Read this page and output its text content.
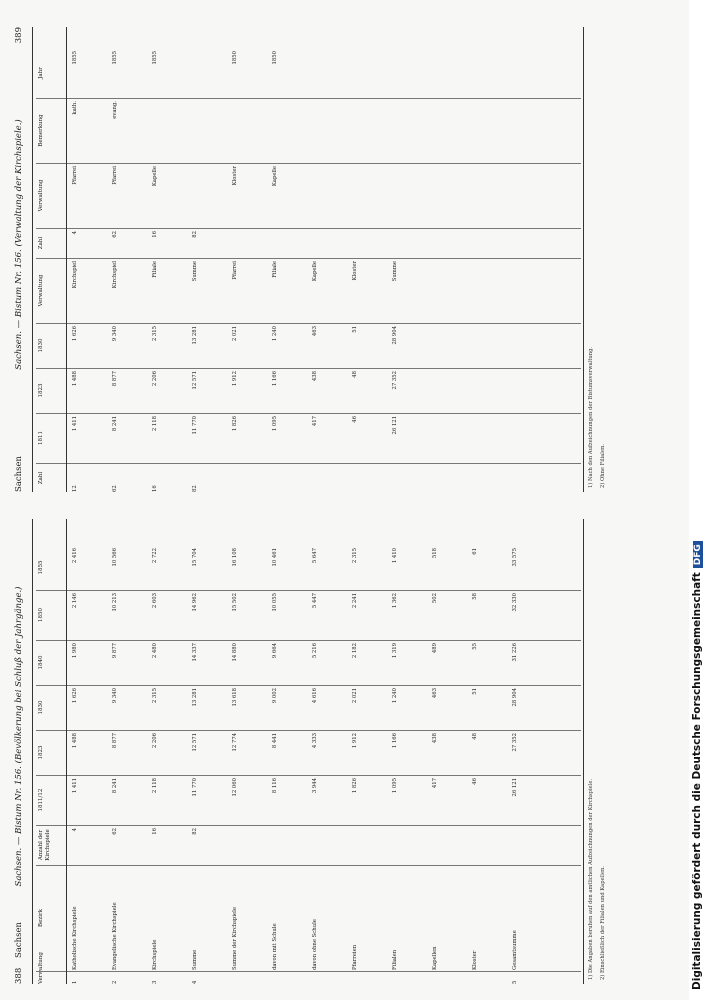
388
Sachsen
Sachsen. — Bistum Nr. 156. (Bevölkerung bei Schluß der Jahrgänge.)
Verwaltung
Bezirk
Anzahl der Kirchspiele
1811/12
1823
1830
1840
1850
1855
1
Katholische Kirchspiele
4
1 411
1 488
1 626
1 980
2 146
2 416
2
Evangelische Kirchspiele
62
8 241
8 877
9 340
9 877
10 213
10 566
3
Kirchspiele
16
2 118
2 206
2 315
2 480
2 603
2 722
4
Summe
82
11 770
12 571
13 281
14 337
14 962
15 704
Summe der Kirchspiele
12 060
12 774
13 618
14 880
15 502
16 108
davon mit Schule
8 116
8 441
9 002
9 664
10 055
10 461
davon ohne Schule
3 944
4 333
4 616
5 216
5 447
5 647
Pfarreien
1 826
1 912
2 021
2 182
2 241
2 315
Filialen
1 095
1 166
1 240
1 319
1 362
1 410
Kapellen
417
438
463
489
502
518
Kloster
46
48
51
55
58
61
5
Gesamtsumme
26 121
27 352
28 904
31 226
32 330
33 575
1) Die Angaben beruhen auf den amtlichen Aufzeichnungen der Kirchspiele. 2) Einschließlich der Filialen und Kapellen.
Sachsen
Sachsen. — Bistum Nr. 156. (Verwaltung der Kirchspiele.)
389
Zahl
1811
1823
1830
Verwaltung
Zahl
Verwaltung
Bemerkung
Jahr
12
1 411
1 488
1 626
Kirchspiel
4
Pfarrei
kath.
1855
62
8 241
8 877
9 340
Kirchspiel
62
Pfarrei
evang.
1855
16
2 118
2 206
2 315
Filiale
16
Kapelle
1855
82
11 770
12 571
13 281
Summe
82
1 826
1 912
2 021
Pfarrei
Kloster
1850
1 095
1 166
1 240
Filiale
Kapelle
1850
417
438
463
Kapelle
46
48
51
Kloster
26 121
27 352
28 904
Summe
1) Nach den Aufzeichnungen der Bistumsverwaltung. 2) Ohne Filialen.
Digitalisierung gefördert durch die Deutsche ForschungsgemeinschaftDFG
